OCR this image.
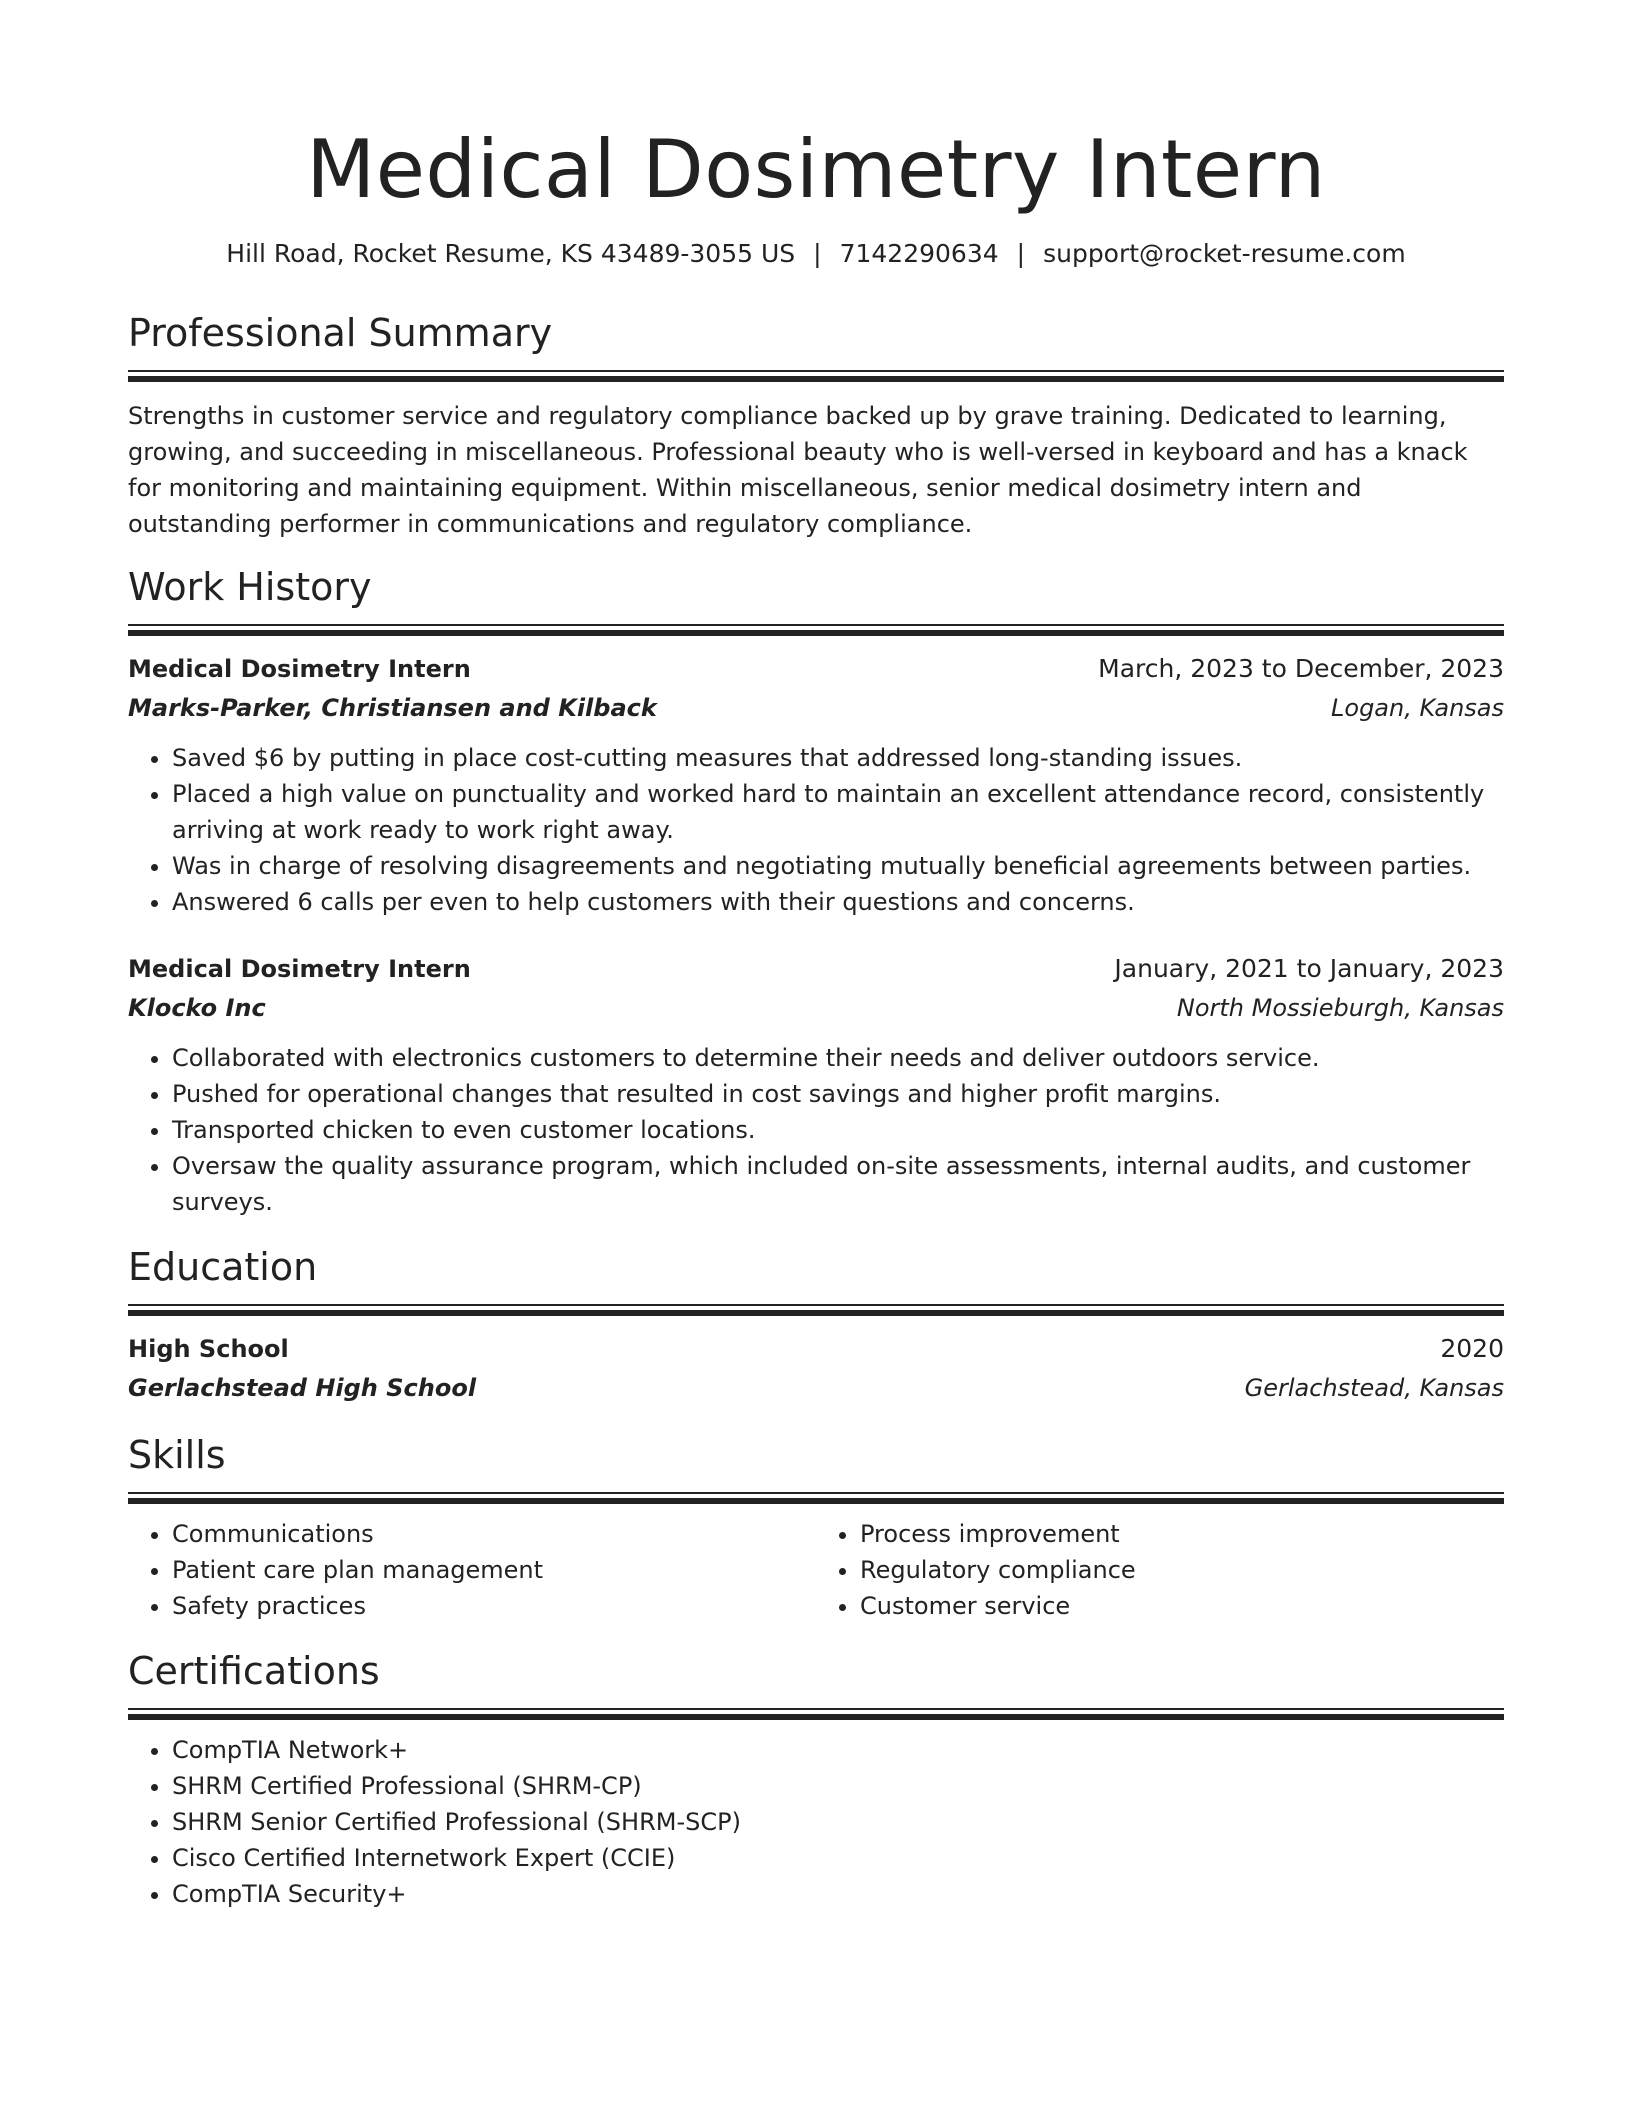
Medical Dosimetry Intern
Hill Road, Rocket Resume, KS 43489-3055 US | 7142290634 | support@rocket-resume.com
Professional Summary

Strengths in customer service and regulatory compliance backed up by grave training. Dedicated to learning, growing, and succeeding in miscellaneous. Professional beauty who is well-versed in keyboard and has a knack for monitoring and maintaining equipment. Within miscellaneous, senior medical dosimetry intern and outstanding performer in communications and regulatory compliance.

Work History
Medical Dosimetry Intern	March, 2023 to December, 2023
Marks-Parker, Christiansen and Kilback	Logan, Kansas
• Saved $6 by putting in place cost-cutting measures that addressed long-standing issues.
• Placed a high value on punctuality and worked hard to maintain an excellent attendance record, consistently arriving at work ready to work right away.
• Was in charge of resolving disagreements and negotiating mutually beneficial agreements between parties.
• Answered 6 calls per even to help customers with their questions and concerns.
Medical Dosimetry Intern	January, 2021 to January, 2023
Klocko Inc	North Mossieburgh, Kansas
• Collaborated with electronics customers to determine their needs and deliver outdoors service.
• Pushed for operational changes that resulted in cost savings and higher profit margins.
• Transported chicken to even customer locations.
• Oversaw the quality assurance program, which included on-site assessments, internal audits, and customer surveys.
Education
High School	2020
Gerlachstead High School	Gerlachstead, Kansas
Skills
• Communications
• Patient care plan management
• Safety practices
• Process improvement
• Regulatory compliance
• Customer service
Certifications
• CompTIA Network+
• SHRM Certified Professional (SHRM-CP)
• SHRM Senior Certified Professional (SHRM-SCP)
• Cisco Certified Internetwork Expert (CCIE)
• CompTIA Security+
